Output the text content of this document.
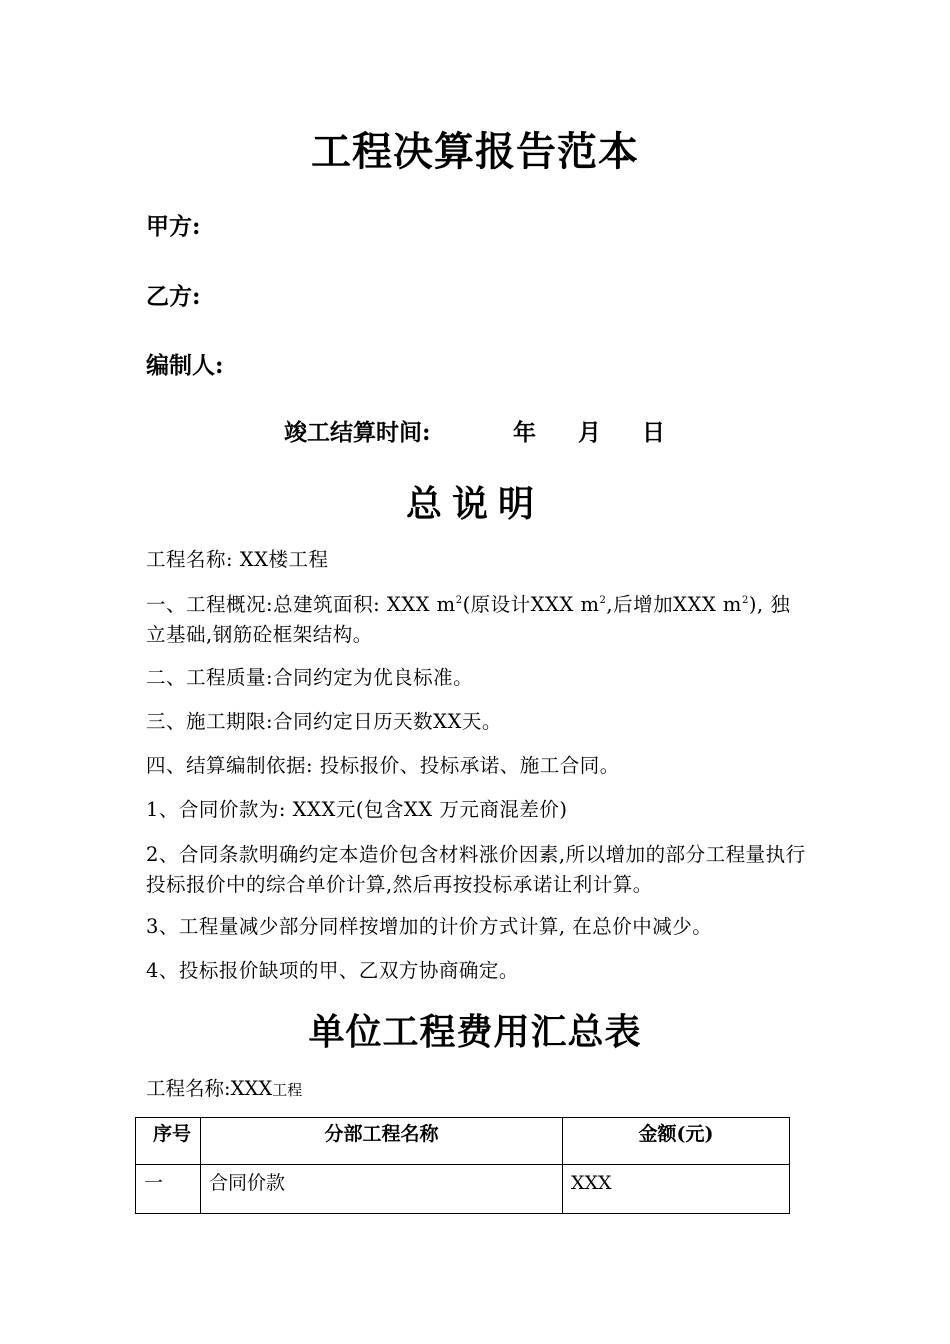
工程决算报告范本
甲方:
乙方:
编制人:
竣工结算时间:	年 月 日
总说明
工程名称: XX楼工程
一、工程概况:总建筑面积: XXX $m^2$(原设计XXX $m^2$,后增加XXX $m^2$), 独立基础,钢筋砼框架结构。
二、工程质量:合同约定为优良标准。
三、施工期限:合同约定日历天数XX天。
四、结算编制依据: 投标报价、投标承诺、施工合同。
1、合同价款为: XXX元(包含XX 万元商混差价)
2、合同条款明确约定本造价包含材料涨价因素,所以增加的部分工程量执行投标报价中的综合单价计算,然后再按投标承诺让利计算。
3、工程量减少部分同样按增加的计价方式计算, 在总价中减少。
4、投标报价缺项的甲、乙双方协商确定。
单位工程费用汇总表
工程名称:XXX工程
序号	分部工程名称	金额(元)
一	合同价款	XXX
